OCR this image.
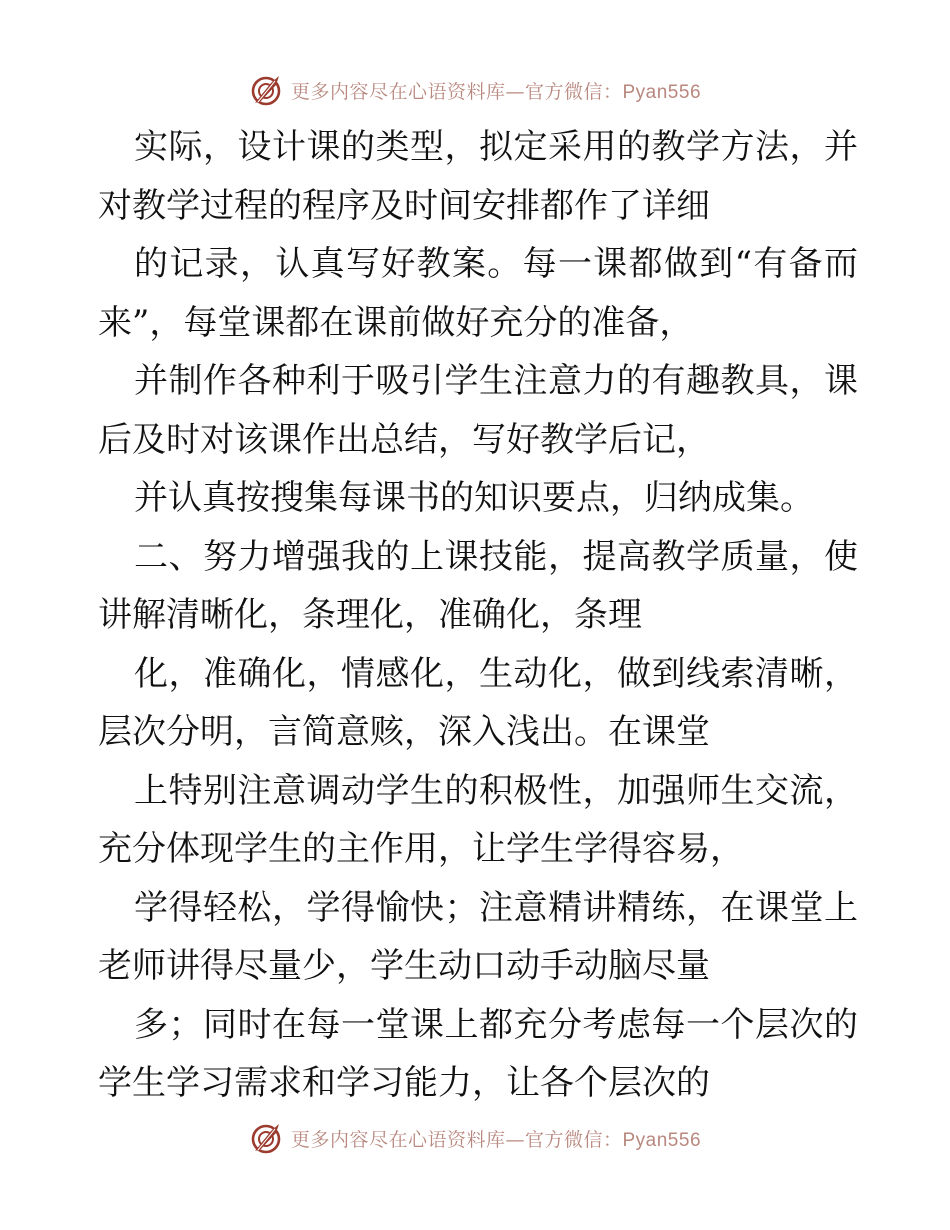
更多内容尽在心语资料库—官方微信：Pyan556

实际，设计课的类型，拟定采用的教学方法，并对教学过程的程序及时间安排都作了详细

的记录，认真写好教案。每一课都做到“有备而来”，每堂课都在课前做好充分的准备，

并制作各种利于吸引学生注意力的有趣教具，课后及时对该课作出总结，写好教学后记，

并认真按搜集每课书的知识要点，归纳成集。

二、努力增强我的上课技能，提高教学质量，使讲解清晰化，条理化，准确化，条理

化，准确化，情感化，生动化，做到线索清晰，层次分明，言简意赅，深入浅出。在课堂

上特别注意调动学生的积极性，加强师生交流，充分体现学生的主作用，让学生学得容易，

学得轻松，学得愉快；注意精讲精练，在课堂上老师讲得尽量少，学生动口动手动脑尽量

多；同时在每一堂课上都充分考虑每一个层次的学生学习需求和学习能力，让各个层次的

更多内容尽在心语资料库—官方微信：Pyan556
